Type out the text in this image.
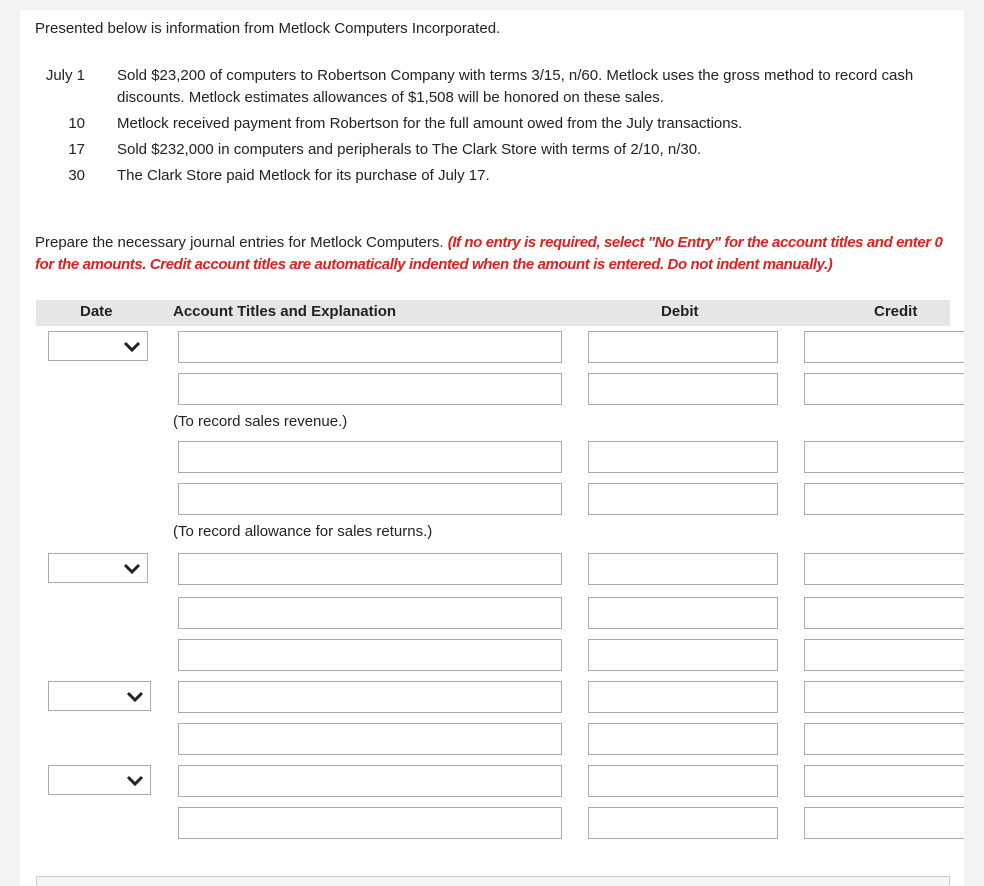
Presented below is information from Metlock Computers Incorporated.

July 1 Sold $23,200 of computers to Robertson Company with terms 3/15, n/60. Metlock uses the gross method to record cash discounts. Metlock estimates allowances of $1,508 will be honored on these sales.
10 Metlock received payment from Robertson for the full amount owed from the July transactions.
17 Sold $232,000 in computers and peripherals to The Clark Store with terms of 2/10, n/30.
30 The Clark Store paid Metlock for its purchase of July 17.

Prepare the necessary journal entries for Metlock Computers. (If no entry is required, select "No Entry" for the account titles and enter 0 for the amounts. Credit account titles are automatically indented when the amount is entered. Do not indent manually.)

Date	Account Titles and Explanation	Debit	Credit
(To record sales revenue.)
(To record allowance for sales returns.)
